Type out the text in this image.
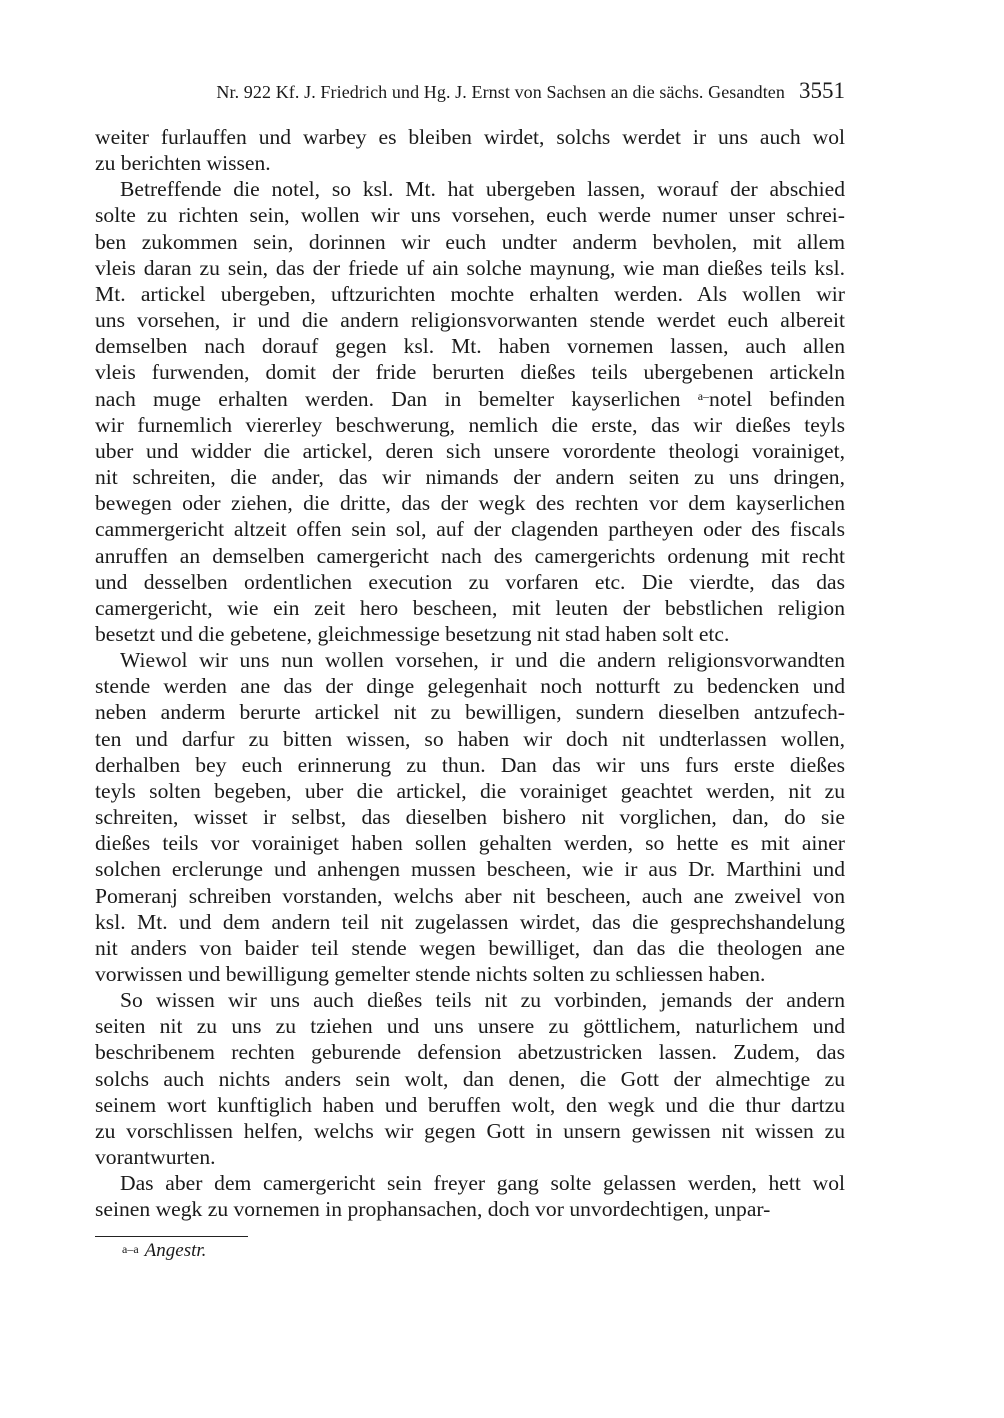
Nr. 922 Kf. J. Friedrich und Hg. J. Ernst von Sachsen an die sächs. Gesandten 3551
weiter furlauffen und warbey es bleiben wirdet, solchs werdet ir uns auch wol
zu berichten wissen.
Betreffende die notel, so ksl. Mt. hat ubergeben lassen, worauf der abschied
solte zu richten sein, wollen wir uns vorsehen, euch werde numer unser schrei-
ben zukommen sein, dorinnen wir euch undter anderm bevholen, mit allem
vleis daran zu sein, das der friede uf ain solche maynung, wie man dießes teils ksl.
Mt. artickel ubergeben, uftzurichten mochte erhalten werden. Als wollen wir
uns vorsehen, ir und die andern religionsvorwanten stende werdet euch albereit
demselben nach dorauf gegen ksl. Mt. haben vornemen lassen, auch allen
vleis furwenden, domit der fride berurten dießes teils ubergebenen artickeln
nach muge erhalten werden. Dan in bemelter kayserlichen $^{a-}$notel befinden
wir furnemlich viererley beschwerung, nemlich die erste, das wir dießes teyls
uber und widder die artickel, deren sich unsere vorordente theologi vorainiget,
nit schreiten, die ander, das wir nimands der andern seiten zu uns dringen,
bewegen oder ziehen, die dritte, das der wegk des rechten vor dem kayserlichen
cammergericht altzeit offen sein sol, auf der clagenden partheyen oder des fiscals
anruffen an demselben camergericht nach des camergerichts ordenung mit recht
und desselben ordentlichen execution zu vorfaren etc. Die vierdte, das das
camergericht, wie ein zeit hero bescheen, mit leuten der bebstlichen religion
besetzt und die gebetene, gleichmessige besetzung nit stad haben solt etc.
Wiewol wir uns nun wollen vorsehen, ir und die andern religionsvorwandten
stende werden ane das der dinge gelegenhait noch notturft zu bedencken und
neben anderm berurte artickel nit zu bewilligen, sundern dieselben antzufech-
ten und darfur zu bitten wissen, so haben wir doch nit undterlassen wollen,
derhalben bey euch erinnerung zu thun. Dan das wir uns furs erste dießes
teyls solten begeben, uber die artickel, die vorainiget geachtet werden, nit zu
schreiten, wisset ir selbst, das dieselben bishero nit vorglichen, dan, do sie
dießes teils vor vorainiget haben sollen gehalten werden, so hette es mit ainer
solchen erclerunge und anhengen mussen bescheen, wie ir aus Dr. Marthini und
Pomeranj schreiben vorstanden, welchs aber nit bescheen, auch ane zweivel von
ksl. Mt. und dem andern teil nit zugelassen wirdet, das die gesprechshandelung
nit anders von baider teil stende wegen bewilliget, dan das die theologen ane
vorwissen und bewilligung gemelter stende nichts solten zu schliessen haben.
So wissen wir uns auch dießes teils nit zu vorbinden, jemands der andern
seiten nit zu uns zu tziehen und uns unsere zu göttlichem, naturlichem und
beschribenem rechten geburende defension abetzustricken lassen. Zudem, das
solchs auch nichts anders sein wolt, dan denen, die Gott der almechtige zu
seinem wort kunftiglich haben und beruffen wolt, den wegk und die thur dartzu
zu vorschlissen helfen, welchs wir gegen Gott in unsern gewissen nit wissen zu
vorantwurten.
Das aber dem camergericht sein freyer gang solte gelassen werden, hett wol
seinen wegk zu vornemen in prophansachen, doch vor unvordechtigen, unpar-
$^{a-a}$ Angestr.
